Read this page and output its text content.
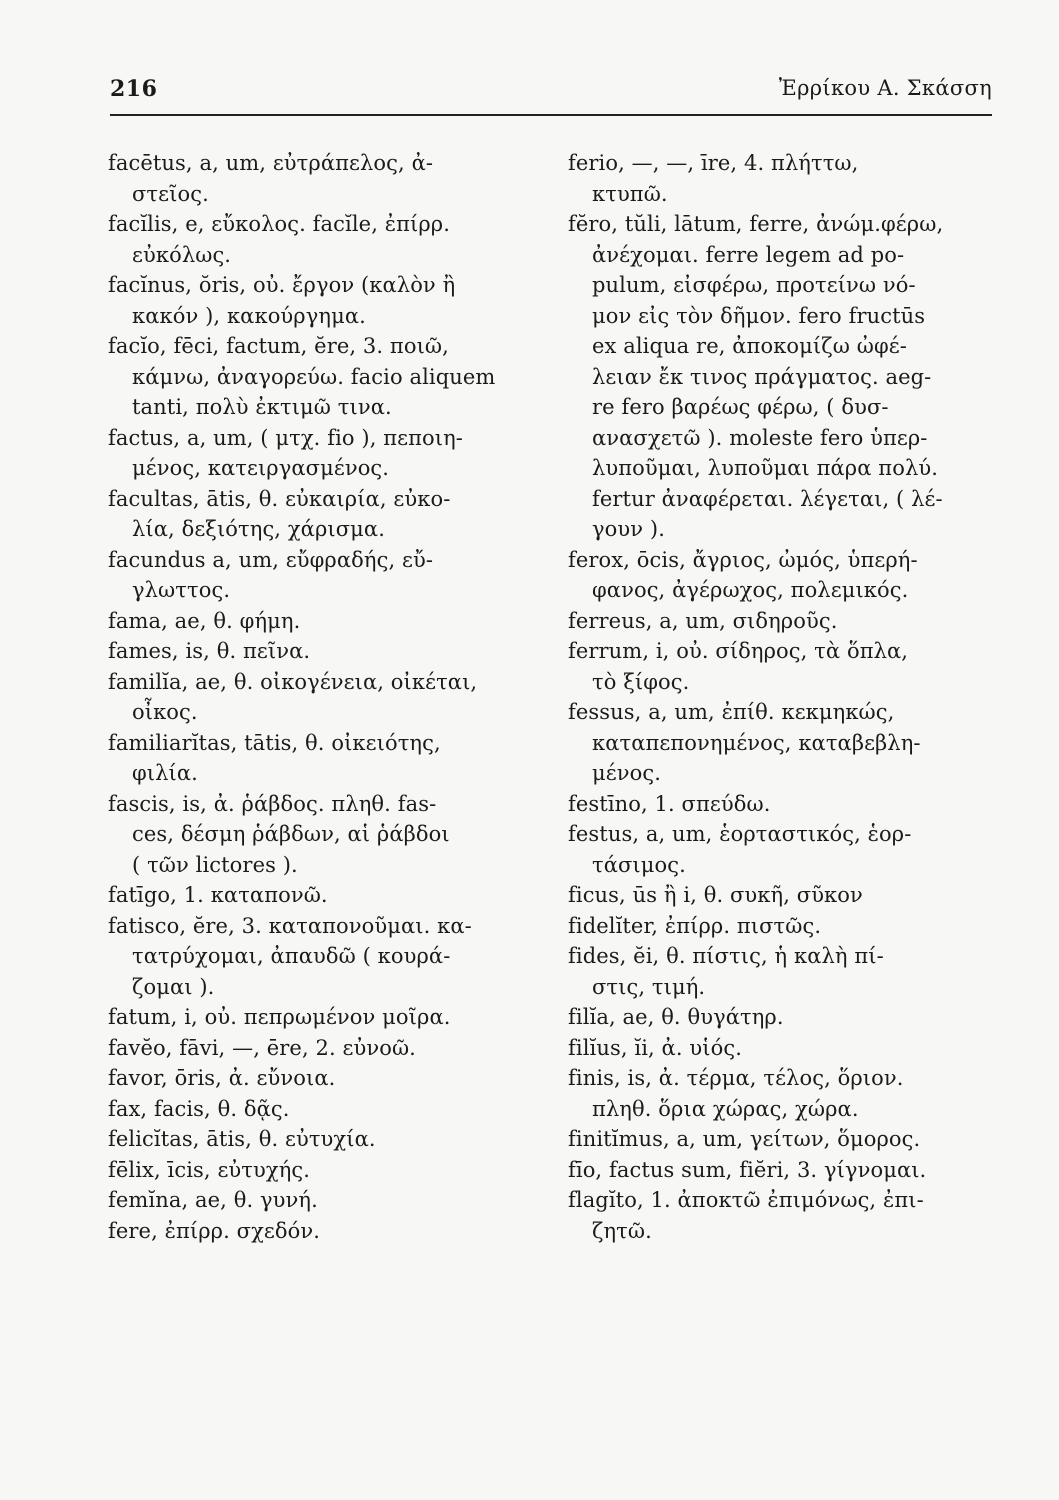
216	Ἐρρίκου Α. Σκάσση
facētus, a, um, εὐτράπελος, ἀ-
στεῖος.
facĭlis, e, εὔκολος. facĭle, ἐπίρρ.
εὐκόλως.
facĭnus, ŏris, οὐ. ἔργον (καλὸν ἢ
κακόν ), κακούργημα.
facĭo, fēci, factum, ĕre, 3. ποιῶ,
κάμνω, ἀναγορεύω. facio aliquem
tanti, πολὺ ἐκτιμῶ τινα.
factus, a, um, ( μτχ. fio ), πεποιη-
μένος, κατειργασμένος.
facultas, ātis, θ. εὐκαιρία, εὐκο-
λία, δεξιότης, χάρισμα.
facundus a, um, εὔφραδής, εὔ-
γλωττος.
fama, ae, θ. φήμη.
fames, is, θ. πεῖνα.
familĭa, ae, θ. οἰκογένεια, οἰκέται,
οἶκος.
familiarĭtas, tātis, θ. οἰκειότης,
φιλία.
fascis, is, ἀ. ῥάβδος. πληθ. fas-
ces, δέσμη ῥάβδων, αἱ ῥάβδοι
( τῶν lictores ).
fatīgo, 1. καταπονῶ.
fatisco, ĕre, 3. καταπονοῦμαι. κα-
τατρύχομαι, ἀπαυδῶ ( κουρά-
ζομαι ).
fatum, i, οὐ. πεπρωμένον μοῖρα.
favĕo, fāvi, —, ēre, 2. εὐνοῶ.
favor, ōris, ἀ. εὔνοια.
fax, facis, θ. δᾷς.
felicĭtas, ātis, θ. εὐτυχία.
fēlix, īcis, εὐτυχής.
femĭna, ae, θ. γυνή.
fere, ἐπίρρ. σχεδόν.
ferio, —, —, īre, 4. πλήττω,
κτυπῶ.
fĕro, tŭli, lātum, ferre, ἀνώμ.φέρω,
ἀνέχομαι. ferre legem ad po-
pulum, εἰσφέρω, προτείνω νό-
μον εἰς τὸν δῆμον. fero fructūs
ex aliqua re, ἀποκομίζω ὠφέ-
λειαν ἔκ τινος πράγματος. aeg-
re fero βαρέως φέρω, ( δυσ-
ανασχετῶ ). moleste fero ὑπερ-
λυποῦμαι, λυποῦμαι πάρα πολύ.
fertur ἀναφέρεται. λέγεται, ( λέ-
γουν ).
ferox, ōcis, ἄγριος, ὠμός, ὑπερή-
φανος, ἀγέρωχος, πολεμικός.
ferreus, a, um, σιδηροῦς.
ferrum, i, οὐ. σίδηρος, τὰ ὅπλα,
τὸ ξίφος.
fessus, a, um, ἐπίθ. κεκμηκώς,
καταπεπονημένος, καταβεβλη-
μένος.
festīno, 1. σπεύδω.
festus, a, um, ἑορταστικός, ἑορ-
τάσιμος.
ficus, ūs ἢ i, θ. συκῆ, σῦκον
fidelĭter, ἐπίρρ. πιστῶς.
fides, ĕi, θ. πίστις, ἡ καλὴ πί-
στις, τιμή.
filĭa, ae, θ. θυγάτηρ.
filĭus, ĭi, ἀ. υἱός.
finis, is, ἀ. τέρμα, τέλος, ὅριον.
πληθ. ὅρια χώρας, χώρα.
finitĭmus, a, um, γείτων, ὅμορος.
fīo, factus sum, fiĕri, 3. γίγνομαι.
flagĭto, 1. ἀποκτῶ ἐπιμόνως, ἐπι-
ζητῶ.
